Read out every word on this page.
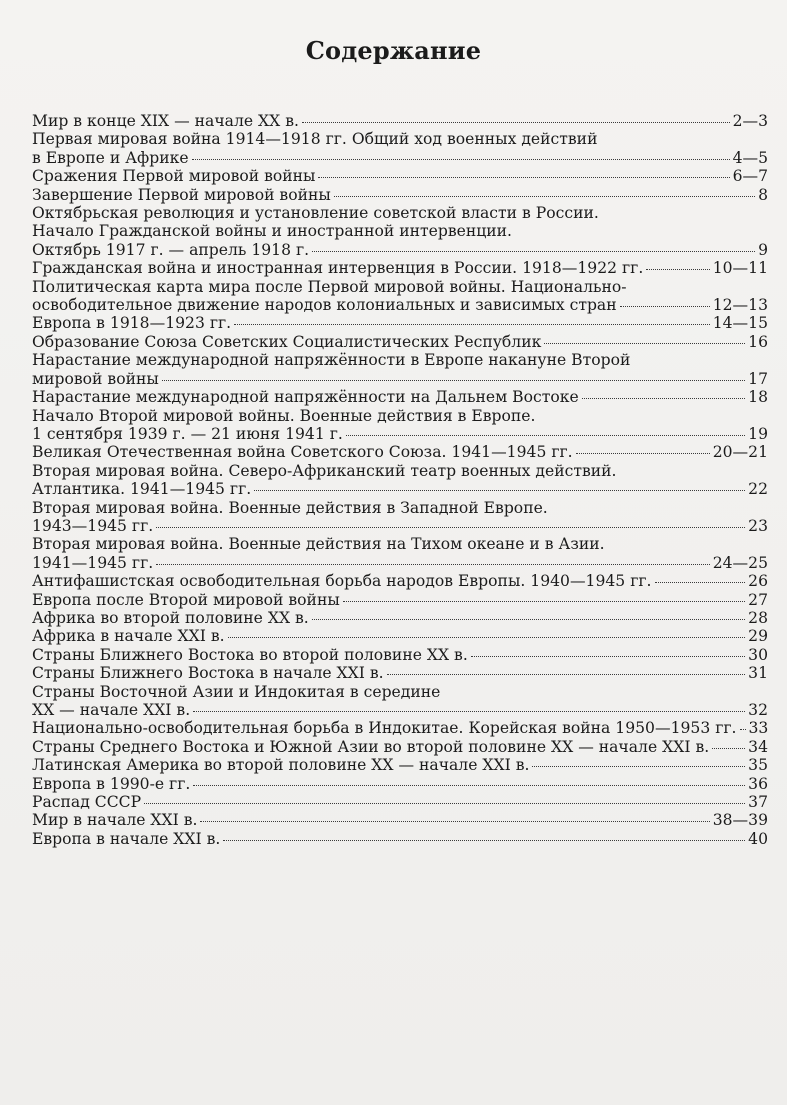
Содержание
Мир в конце XIX — начале XX в.	2—3
Первая мировая война 1914—1918 гг. Общий ход военных действий
в Европе и Африке	4—5
Сражения Первой мировой войны	6—7
Завершение Первой мировой войны	8
Октябрьская революция и установление советской власти в России.
Начало Гражданской войны и иностранной интервенции.
Октябрь 1917 г. — апрель 1918 г.	9
Гражданская война и иностранная интервенция в России. 1918—1922 гг.	10—11
Политическая карта мира после Первой мировой войны. Национально-
освободительное движение народов колониальных и зависимых стран	12—13
Европа в 1918—1923 гг.	14—15
Образование Союза Советских Социалистических Республик	16
Нарастание международной напряжённости в Европе накануне Второй
мировой войны	17
Нарастание международной напряжённости на Дальнем Востоке	18
Начало Второй мировой войны. Военные действия в Европе.
1 сентября 1939 г. — 21 июня 1941 г.	19
Великая Отечественная война Советского Союза. 1941—1945 гг.	20—21
Вторая мировая война. Северо-Африканский театр военных действий.
Атлантика. 1941—1945 гг.	22
Вторая мировая война. Военные действия в Западной Европе.
1943—1945 гг.	23
Вторая мировая война. Военные действия на Тихом океане и в Азии.
1941—1945 гг.	24—25
Антифашистская освободительная борьба народов Европы. 1940—1945 гг.	26
Европа после Второй мировой войны	27
Африка во второй половине XX в.	28
Африка в начале XXI в.	29
Страны Ближнего Востока во второй половине XX в.	30
Страны Ближнего Востока в начале XXI в.	31
Страны Восточной Азии и Индокитая в середине
XX — начале XXI в.	32
Национально-освободительная борьба в Индокитае. Корейская война 1950—1953 гг. 33
Страны Среднего Востока и Южной Азии во второй половине XX — начале XXI в. 34
Латинская Америка во второй половине XX — начале XXI в.	35
Европа в 1990-е гг.	36
Распад СССР	37
Мир в начале XXI в.	38—39
Европа в начале XXI в.	40
